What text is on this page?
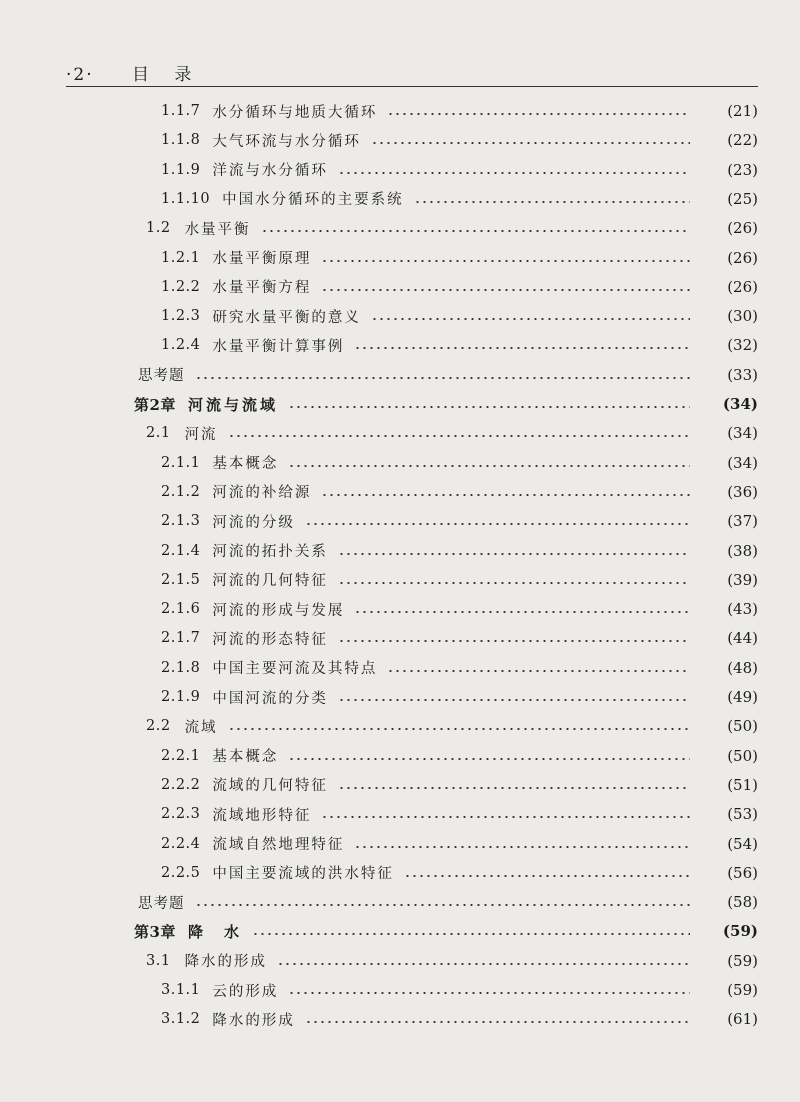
·2· 目 录
1.1.7 水分循环与地质大循环	(21)
1.1.8 大气环流与水分循环	(22)
1.1.9 洋流与水分循环	(23)
1.1.10 中国水分循环的主要系统	(25)
1.2 水量平衡	(26)
1.2.1 水量平衡原理	(26)
1.2.2 水量平衡方程	(26)
1.2.3 研究水量平衡的意义	(30)
1.2.4 水量平衡计算事例	(32)
思考题	(33)
第2章 河流与流域	(34)
2.1 河流	(34)
2.1.1 基本概念	(34)
2.1.2 河流的补给源	(36)
2.1.3 河流的分级	(37)
2.1.4 河流的拓扑关系	(38)
2.1.5 河流的几何特征	(39)
2.1.6 河流的形成与发展	(43)
2.1.7 河流的形态特征	(44)
2.1.8 中国主要河流及其特点	(48)
2.1.9 中国河流的分类	(49)
2.2 流域	(50)
2.2.1 基本概念	(50)
2.2.2 流域的几何特征	(51)
2.2.3 流域地形特征	(53)
2.2.4 流域自然地理特征	(54)
2.2.5 中国主要流域的洪水特征	(56)
思考题	(58)
第3章 降　水	(59)
3.1 降水的形成	(59)
3.1.1 云的形成	(59)
3.1.2 降水的形成	(61)
